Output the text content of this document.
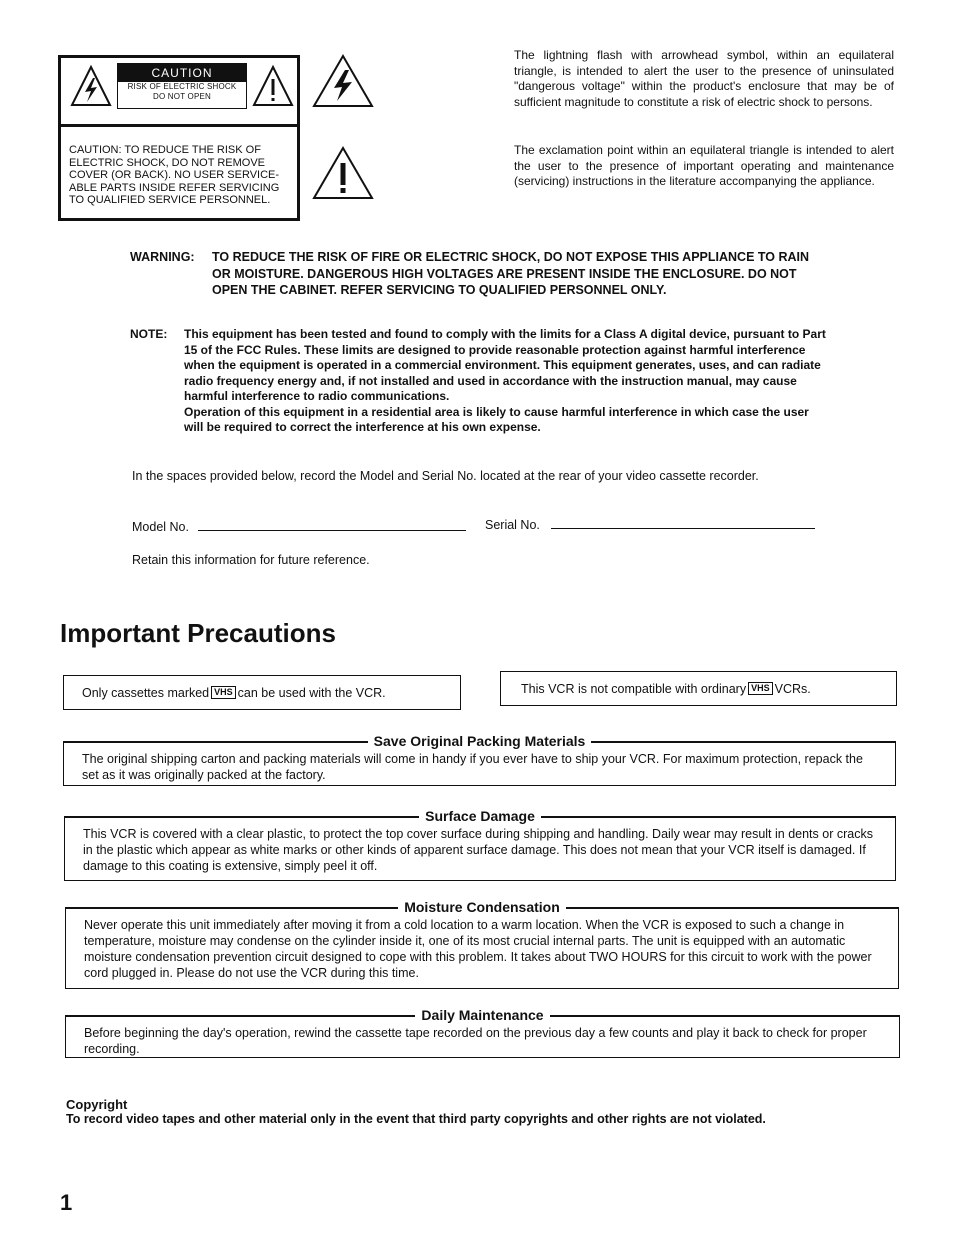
CAUTION
RISK OF ELECTRIC SHOCK
DO NOT OPEN
CAUTION: TO REDUCE THE RISK OF ELECTRIC SHOCK, DO NOT REMOVE COVER (OR BACK). NO USER SERVICE-ABLE PARTS INSIDE REFER SERVICING TO QUALIFIED SERVICE PERSONNEL.
The lightning flash with arrowhead symbol, within an equilateral triangle, is intended to alert the user to the presence of uninsulated "dangerous voltage" within the product's enclosure that may be of sufficient magnitude to constitute a risk of electric shock to persons.
The exclamation point within an equilateral triangle is intended to alert the user to the presence of important operating and maintenance (servicing) instructions in the literature accompanying the appliance.
WARNING:	TO REDUCE THE RISK OF FIRE OR ELECTRIC SHOCK, DO NOT EXPOSE THIS APPLIANCE TO RAIN OR MOISTURE. DANGEROUS HIGH VOLTAGES ARE PRESENT INSIDE THE ENCLOSURE. DO NOT OPEN THE CABINET. REFER SERVICING TO QUALIFIED PERSONNEL ONLY.
NOTE:	This equipment has been tested and found to comply with the limits for a Class A digital device, pursuant to Part 15 of the FCC Rules. These limits are designed to provide reasonable protection against harmful interference when the equipment is operated in a commercial environment. This equipment generates, uses, and can radiate radio frequency energy and, if not installed and used in accordance with the instruction manual, may cause harmful interference to radio communications.
Operation of this equipment in a residential area is likely to cause harmful interference in which case the user will be required to correct the interference at his own expense.
In the spaces provided below, record the Model and Serial No. located at the rear of your video cassette recorder.
Model No.	Serial No.
Retain this information for future reference.
Important Precautions
Only cassettes marked VHS can be used with the VCR.	This VCR is not compatible with ordinary VHS VCRs.
Save Original Packing Materials
The original shipping carton and packing materials will come in handy if you ever have to ship your VCR. For maximum protection, repack the set as it was originally packed at the factory.
Surface Damage
This VCR is covered with a clear plastic, to protect the top cover surface during shipping and handling. Daily wear may result in dents or cracks in the plastic which appear as white marks or other kinds of apparent surface damage. This does not mean that your VCR itself is damaged. If damage to this coating is extensive, simply peel it off.
Moisture Condensation
Never operate this unit immediately after moving it from a cold location to a warm location. When the VCR is exposed to such a change in temperature, moisture may condense on the cylinder inside it, one of its most crucial internal parts. The unit is equipped with an automatic moisture condensation prevention circuit designed to cope with this problem. It takes about TWO HOURS for this circuit to work with the power cord plugged in. Please do not use the VCR during this time.
Daily Maintenance
Before beginning the day's operation, rewind the cassette tape recorded on the previous day a few counts and play it back to check for proper recording.
Copyright
To record video tapes and other material only in the event that third party copyrights and other rights are not violated.
1
